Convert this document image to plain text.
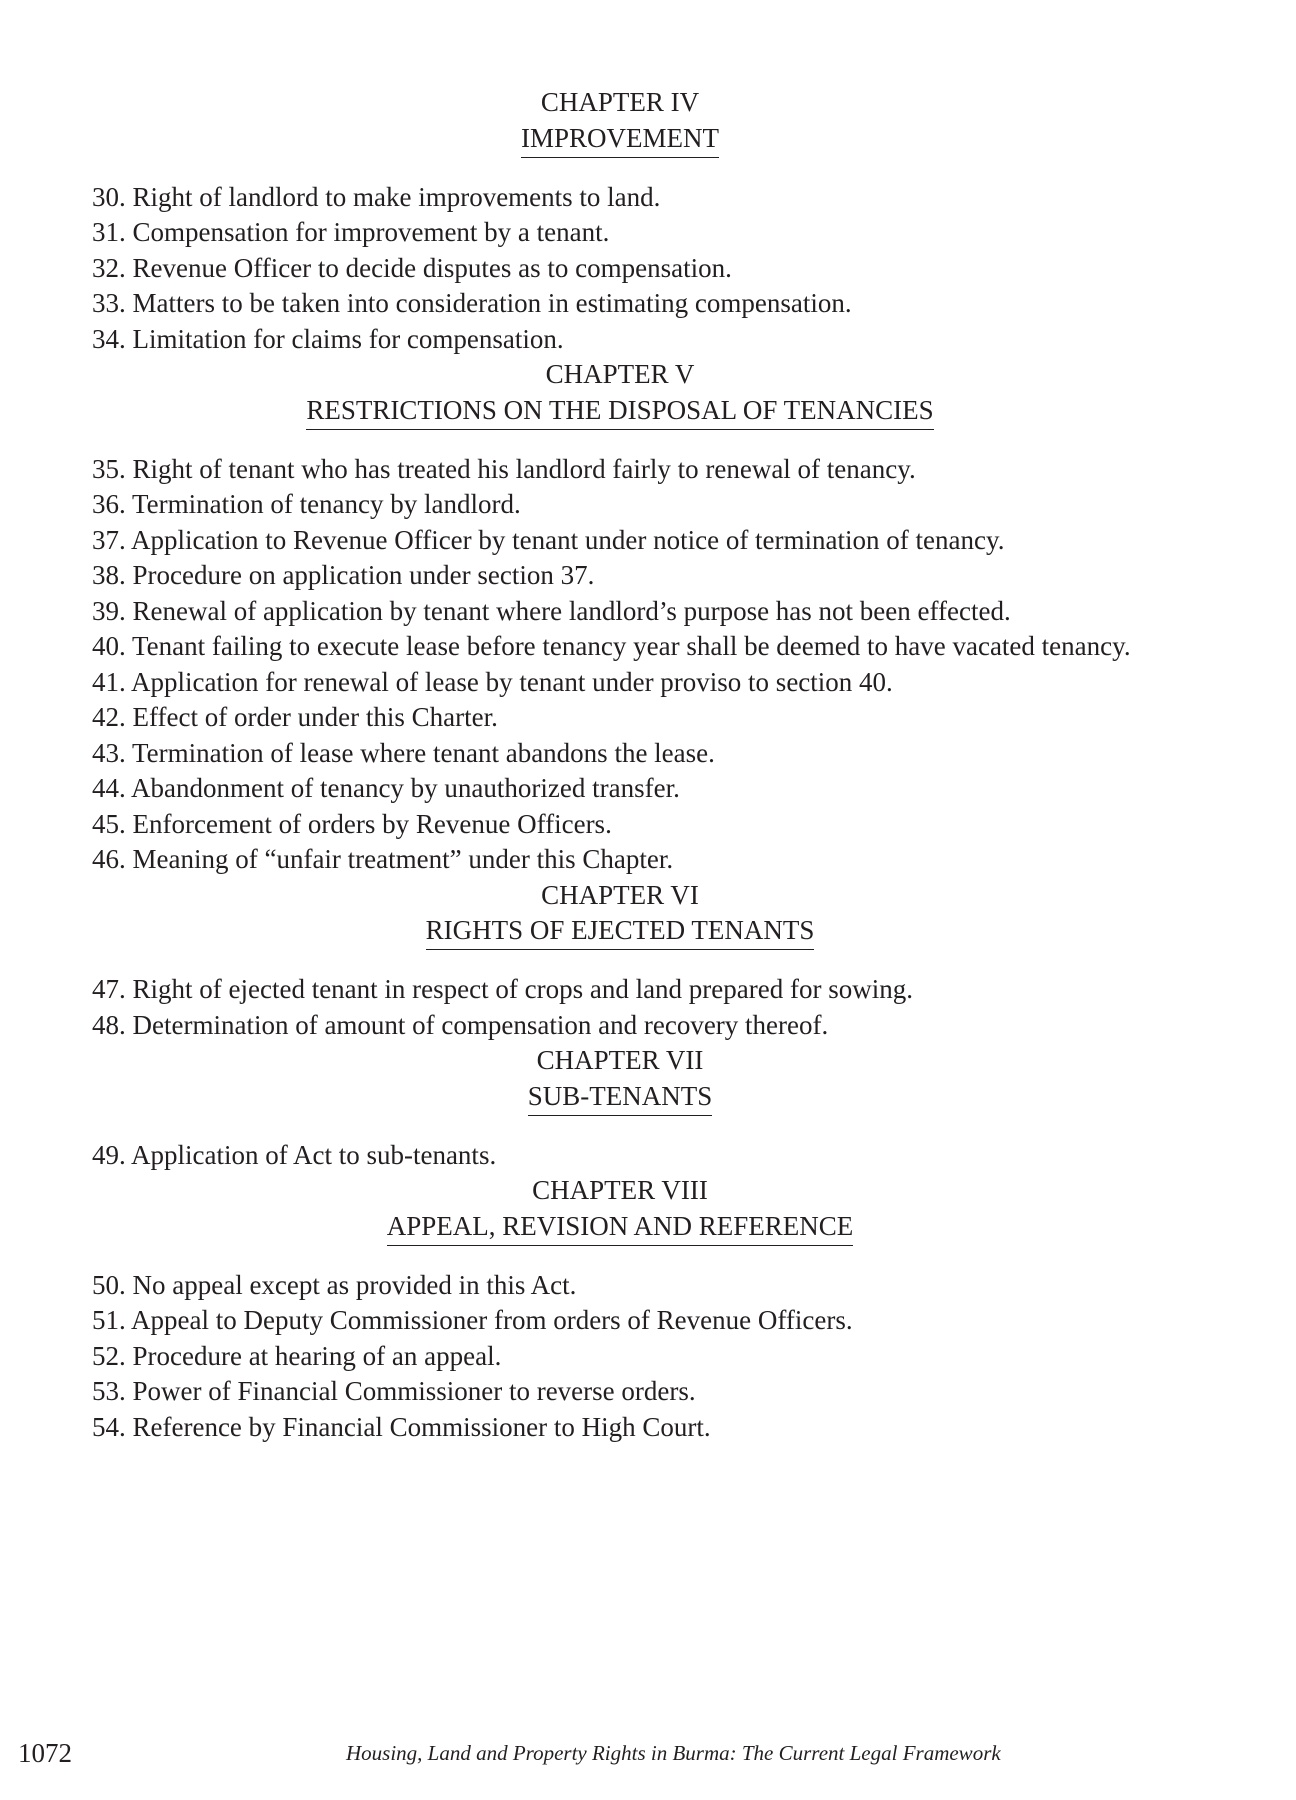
CHAPTER IV
IMPROVEMENT
30. Right of landlord to make improvements to land.
31. Compensation for improvement by a tenant.
32. Revenue Officer to decide disputes as to compensation.
33. Matters to be taken into consideration in estimating compensation.
34. Limitation for claims for compensation.
CHAPTER V
RESTRICTIONS ON THE DISPOSAL OF TENANCIES
35. Right of tenant who has treated his landlord fairly to renewal of tenancy.
36. Termination of tenancy by landlord.
37. Application to Revenue Officer by tenant under notice of termination of tenancy.
38. Procedure on application under section 37.
39. Renewal of application by tenant where landlord’s purpose has not been effected.
40. Tenant failing to execute lease before tenancy year shall be deemed to have vacated tenancy.
41. Application for renewal of lease by tenant under proviso to section 40.
42. Effect of order under this Charter.
43. Termination of lease where tenant abandons the lease.
44. Abandonment of tenancy by unauthorized transfer.
45. Enforcement of orders by Revenue Officers.
46. Meaning of “unfair treatment” under this Chapter.
CHAPTER VI
RIGHTS OF EJECTED TENANTS
47. Right of ejected tenant in respect of crops and land prepared for sowing.
48. Determination of amount of compensation and recovery thereof.
CHAPTER VII
SUB-TENANTS
49. Application of Act to sub-tenants.
CHAPTER VIII
APPEAL, REVISION AND REFERENCE
50. No appeal except as provided in this Act.
51. Appeal to Deputy Commissioner from orders of Revenue Officers.
52. Procedure at hearing of an appeal.
53. Power of Financial Commissioner to reverse orders.
54. Reference by Financial Commissioner to High Court.
1072	Housing, Land and Property Rights in Burma: The Current Legal Framework
